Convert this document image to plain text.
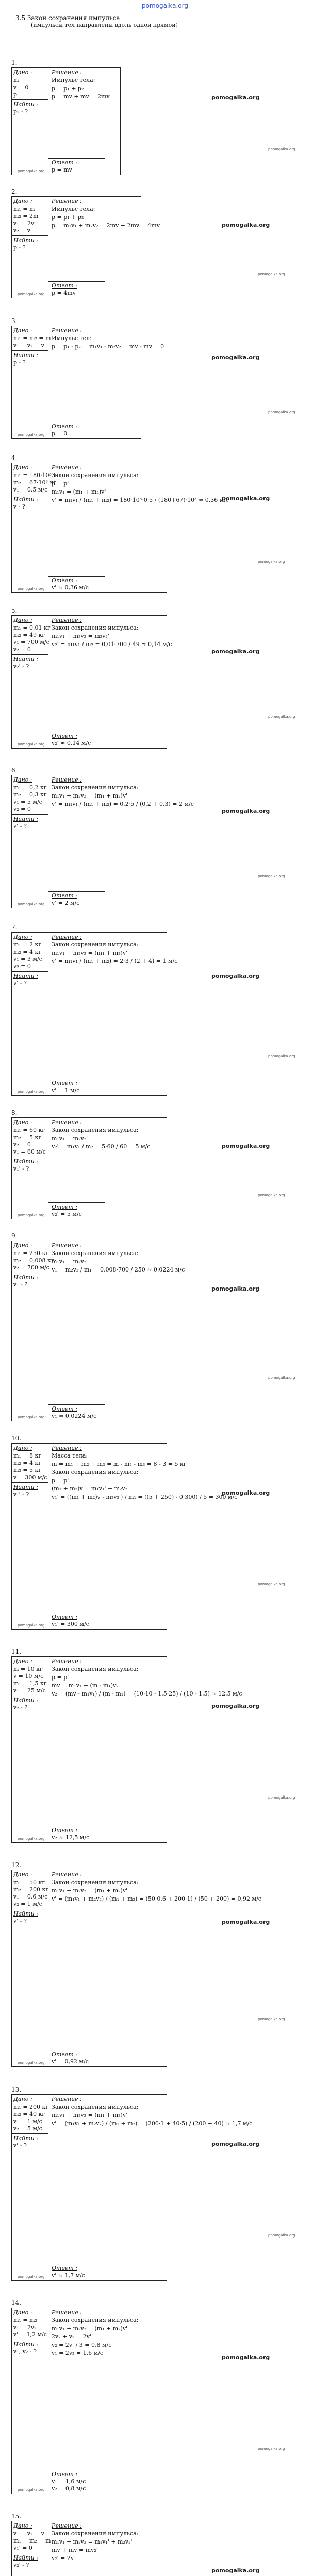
pomogalka.org
3.5 Закон сохранения импульса
(импульсы тел направлены вдоль одной прямой)
1.
Дано :
m
v = 0
p
Найти :
p₂ - ?
Решение :
Импульс тела:
p = p₁ + p₂
p = mv + mv = 2mv
Ответ :
p = mv
pomogalka.org
pomogalka.org
pomogalka.org
2.
Дано :
m₁ = m
m₂ = 2m
v₁ = 2v
v₂ = v
Найти :
p - ?
Решение :
Импульс тела:
p = p₁ + p₂
p = m₁v₁ + m₂v₂ = 2mv + 2mv = 4mv
Ответ :
p = 4mv
pomogalka.org
pomogalka.org
pomogalka.org
3.
Дано :
m₁ = m₂ = m
v₁ = v₂ = v
Найти :
p - ?
Решение :
Импульс тел:
p = p₁ - p₂ = m₁v₁ - m₂v₂ = mv - mv = 0
Ответ :
p = 0
pomogalka.org
pomogalka.org
pomogalka.org
4.
Дано :
m₁ = 180·10³ кг
m₂ = 67·10³ кг
v₁ = 0,5 м/с
Найти :
v - ?
Решение :
Закон сохранения импульса:
p = p'
m₁v₁ = (m₁ + m₂)v'
v' = m₁v₁ / (m₁ + m₂) = 180·10³·0,5 / (180+67)·10³ ≈ 0,36 м/с
Ответ :
v' ≈ 0,36 м/с
pomogalka.org
pomogalka.org
pomogalka.org
5.
Дано :
m₁ = 0,01 кг
m₂ = 49 кг
v₁ = 700 м/с
v₂ = 0
Найти :
v₂' - ?
Решение :
Закон сохранения импульса:
m₁v₁ + m₂v₂ = m₂v₂'
v₂' = m₁v₁ / m₂ = 0,01·700 / 49 ≈ 0,14 м/с
Ответ :
v₂' ≈ 0,14 м/с
pomogalka.org
pomogalka.org
pomogalka.org
6.
Дано :
m₁ = 0,2 кг
m₂ = 0,3 кг
v₁ = 5 м/с
v₂ = 0
Найти :
v' - ?
Решение :
Закон сохранения импульса:
m₁v₁ + m₂v₂ = (m₁ + m₂)v'
v' = m₁v₁ / (m₁ + m₂) = 0,2·5 / (0,2 + 0,3) = 2 м/с
Ответ :
v' = 2 м/с
pomogalka.org
pomogalka.org
pomogalka.org
7.
Дано :
m₁ = 2 кг
m₂ = 4 кг
v₁ = 3 м/с
v₂ = 0
Найти :
v' - ?
Решение :
Закон сохранения импульса:
m₁v₁ + m₂v₂ = (m₁ + m₂)v'
v' = m₁v₁ / (m₁ + m₂) = 2·3 / (2 + 4) = 1 м/с
Ответ :
v' = 1 м/с
pomogalka.org
pomogalka.org
pomogalka.org
8.
Дано :
m₁ = 60 кг
m₂ = 5 кг
v₂ = 0
v₁ = 60 м/с
Найти :
v₁' - ?
Решение :
Закон сохранения импульса:
m₁v₁ = m₂v₂'
v₂' = m₁v₁ / m₂ = 5·60 / 60 = 5 м/с
Ответ :
v₂' = 5 м/с
pomogalka.org
pomogalka.org
pomogalka.org
9.
Дано :
m₁ = 250 кг
m₂ = 0,008 кг
v₂ = 700 м/с
Найти :
v₁ - ?
Решение :
Закон сохранения импульса:
m₁v₁ = m₂v₂
v₁ = m₂v₂ / m₁ = 0,008·700 / 250 ≈ 0,0224 м/с
Ответ :
v₁ ≈ 0,0224 м/с
pomogalka.org
pomogalka.org
pomogalka.org
10.
Дано :
m₁ = 8 кг
m₂ = 4 кг
m₃ = 5 кг
v = 300 м/с
Найти :
v₁' - ?
Решение :
Масса тела:
m = m₁ + m₂ + m₃ = m - m₂ - m₃ = 8 - 3 = 5 кг
Закон сохранения импульса:
p = p'
(m₁ + m₂)v = m₁v₁' + m₂v₂'
v₁' = ((m₁ + m₂)v - m₂v₂') / m₁ = ((5 + 250) - 0·300) / 5 = 300 м/с
Ответ :
v₁' = 300 м/с
pomogalka.org
pomogalka.org
pomogalka.org
11.
Дано :
m = 10 кг
v = 10 м/с
m₁ = 1,5 кг
v₁ = 25 м/с
Найти :
v₂ - ?
Решение :
Закон сохранения импульса:
p = p'
mv = m₁v₁ + (m - m₁)v₂
v₂ = (mv - m₁v₁) / (m - m₁) = (10·10 - 1,5·25) / (10 - 1,5) ≈ 12,5 м/с
Ответ :
v₂ ≈ 12,5 м/с
pomogalka.org
pomogalka.org
pomogalka.org
12.
Дано :
m₁ = 50 кг
m₂ = 200 кг
v₁ = 0,6 м/с
v₂ = 1 м/с
Найти :
v' - ?
Решение :
Закон сохранения импульса:
m₁v₁ + m₂v₂ = (m₁ + m₂)v'
v' = (m₁v₁ + m₂v₂) / (m₁ + m₂) = (50·0,6 + 200·1) / (50 + 200) = 0,92 м/с
Ответ :
v' = 0,92 м/с
pomogalka.org
pomogalka.org
pomogalka.org
13.
Дано :
m₁ = 200 кг
m₂ = 40 кг
v₁ = 1 м/с
v₂ = 5 м/с
Найти :
v' - ?
Решение :
Закон сохранения импульса:
m₁v₁ + m₂v₂ = (m₁ + m₂)v'
v' = (m₁v₁ + m₂v₂) / (m₁ + m₂) = (200·1 + 40·5) / (200 + 40) ≈ 1,7 м/с
Ответ :
v' ≈ 1,7 м/с
pomogalka.org
pomogalka.org
pomogalka.org
14.
Дано :
m₁ = m₂
v₁ = 2v₂
v' = 1,2 м/с
Найти :
v₁, v₂ - ?
Решение :
Закон сохранения импульса:
m₁v₁ + m₂v₂ = (m₁ + m₂)v'
2v₂ + v₂ = 2v'
v₂ = 2v' / 3 = 0,8 м/с
v₁ = 2v₂ = 1,6 м/с
Ответ :
v₁ = 1,6 м/с
v₂ = 0,8 м/с
pomogalka.org
pomogalka.org
pomogalka.org
15.
Дано :
v₁ = v₂ = v
m₁ = m₂ = m
v₁' = 0
Найти :
v₂' - ?
Решение :
Закон сохранения импульса:
m₁v₁ + m₂v₂ = m₁v₁' + m₂v₂'
mv + mv = mv₂'
v₂' = 2v
pomogalka.org
